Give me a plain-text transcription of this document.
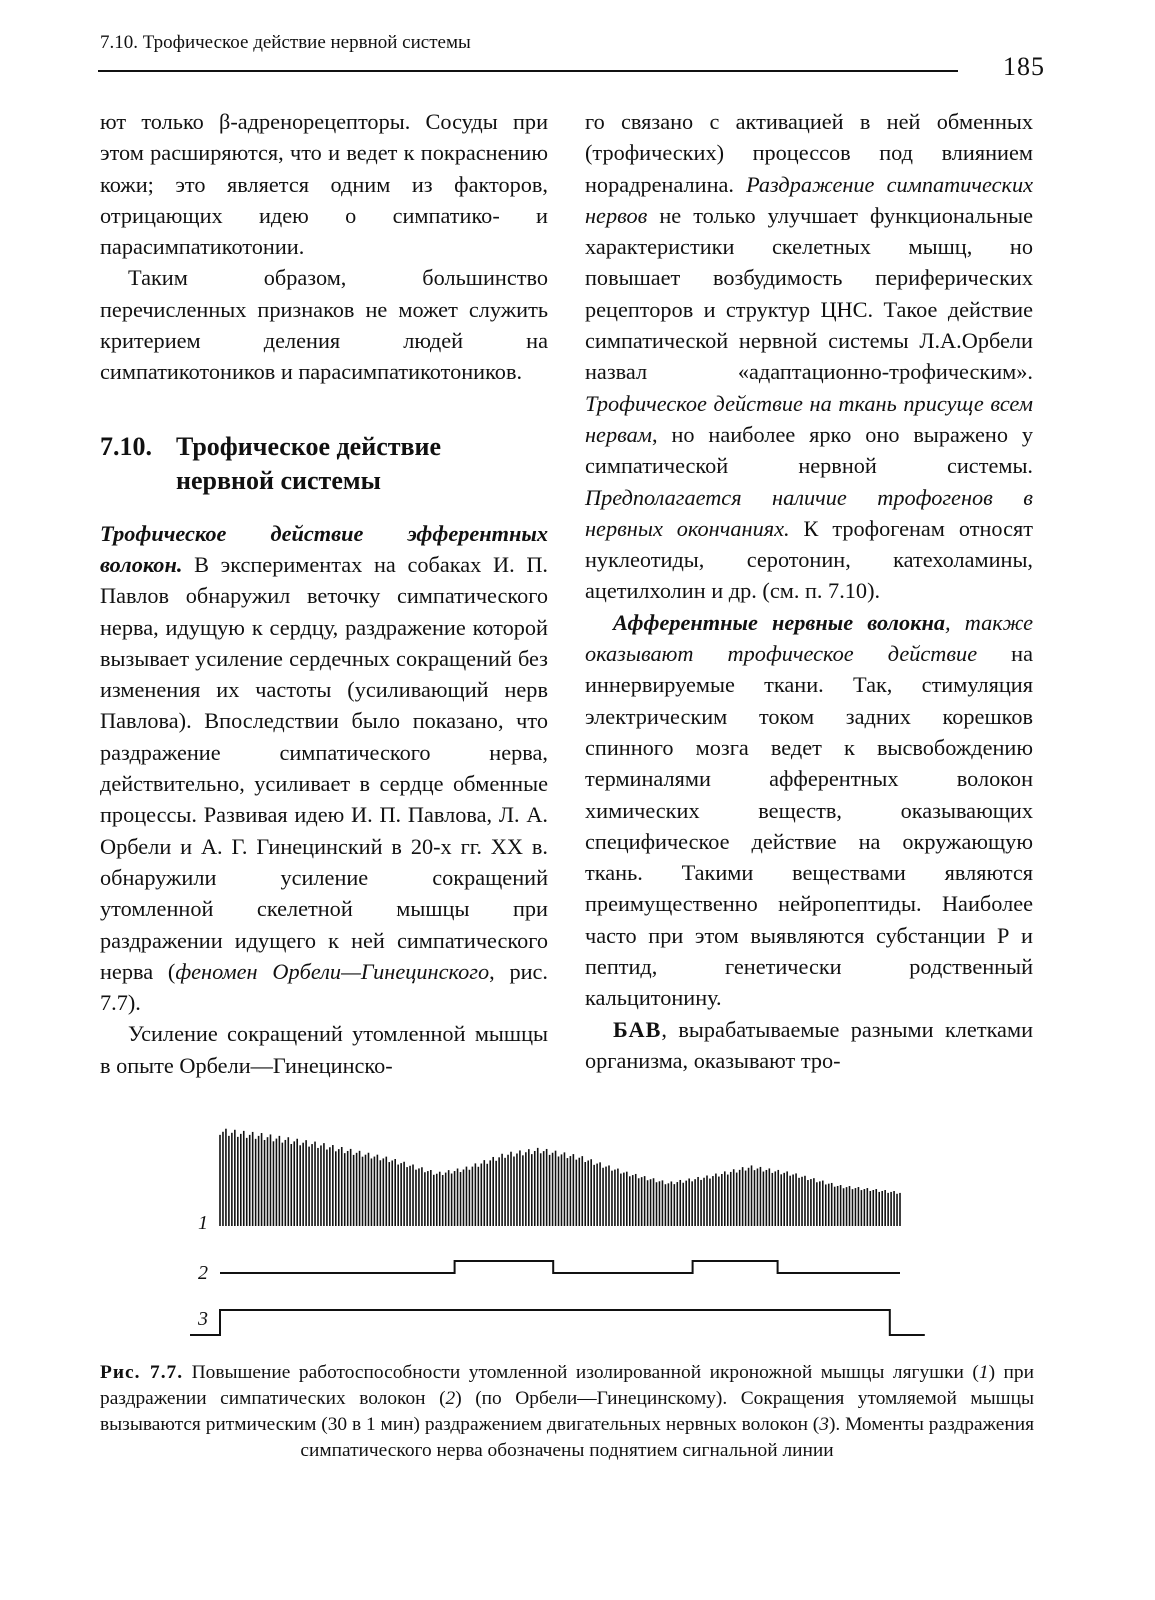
7.10. Трофическое действие нервной системы
185

ют только β-адренорецепторы. Сосуды при этом расширяются, что и ведет к покраснению кожи; это является одним из факторов, отрицающих идею о симпатико- и парасимпатикотонии.

Таким образом, большинство перечисленных признаков не может служить критерием деления людей на симпатикотоников и парасимпатикотоников.

7.10. Трофическое действие
нервной системы

Трофическое действие эфферентных волокон. В экспериментах на собаках И. П. Павлов обнаружил веточку симпатического нерва, идущую к сердцу, раздражение которой вызывает усиление сердечных сокращений без изменения их частоты (усиливающий нерв Павлова). Впоследствии было показано, что раздражение симпатического нерва, действительно, усиливает в сердце обменные процессы. Развивая идею И. П. Павлова, Л. А. Орбели и А. Г. Гинецинский в 20-х гг. XX в. обнаружили усиление сокращений утомленной скелетной мышцы при раздражении идущего к ней симпатического нерва (феномен Орбели—Гинецинского, рис. 7.7).

Усиление сокращений утомленной мышцы в опыте Орбели—Гинецинско-

го связано с активацией в ней обменных (трофических) процессов под влиянием норадреналина. Раздражение симпатических нервов не только улучшает функциональные характеристики скелетных мышц, но повышает возбудимость периферических рецепторов и структур ЦНС. Такое действие симпатической нервной системы Л.А.Орбели назвал «адаптационно-трофическим». Трофическое действие на ткань присуще всем нервам, но наиболее ярко оно выражено у симпатической нервной системы. Предполагается наличие трофогенов в нервных окончаниях. К трофогенам относят нуклеотиды, серотонин, катехоламины, ацетилхолин и др. (см. п. 7.10).

Афферентные нервные волокна, также оказывают трофическое действие на иннервируемые ткани. Так, стимуляция электрическим током задних корешков спинного мозга ведет к высвобождению терминалями афферентных волокон химических веществ, оказывающих специфическое действие на окружающую ткань. Такими веществами являются преимущественно нейропептиды. Наиболее часто при этом выявляются субстанции Р и пептид, генетически родственный кальцитонину.

БАВ, вырабатываемые разными клетками организма, оказывают тро-

1
2
3
Рис. 7.7. Повышение работоспособности утомленной изолированной икроножной мышцы лягушки (1) при раздражении симпатических волокон (2) (по Орбели—Гинецинскому). Сокращения утомляемой мышцы вызываются ритмическим (30 в 1 мин) раздражением двигательных нервных волокон (3). Моменты раздражения симпатического нерва обозначены поднятием сигнальной линии
